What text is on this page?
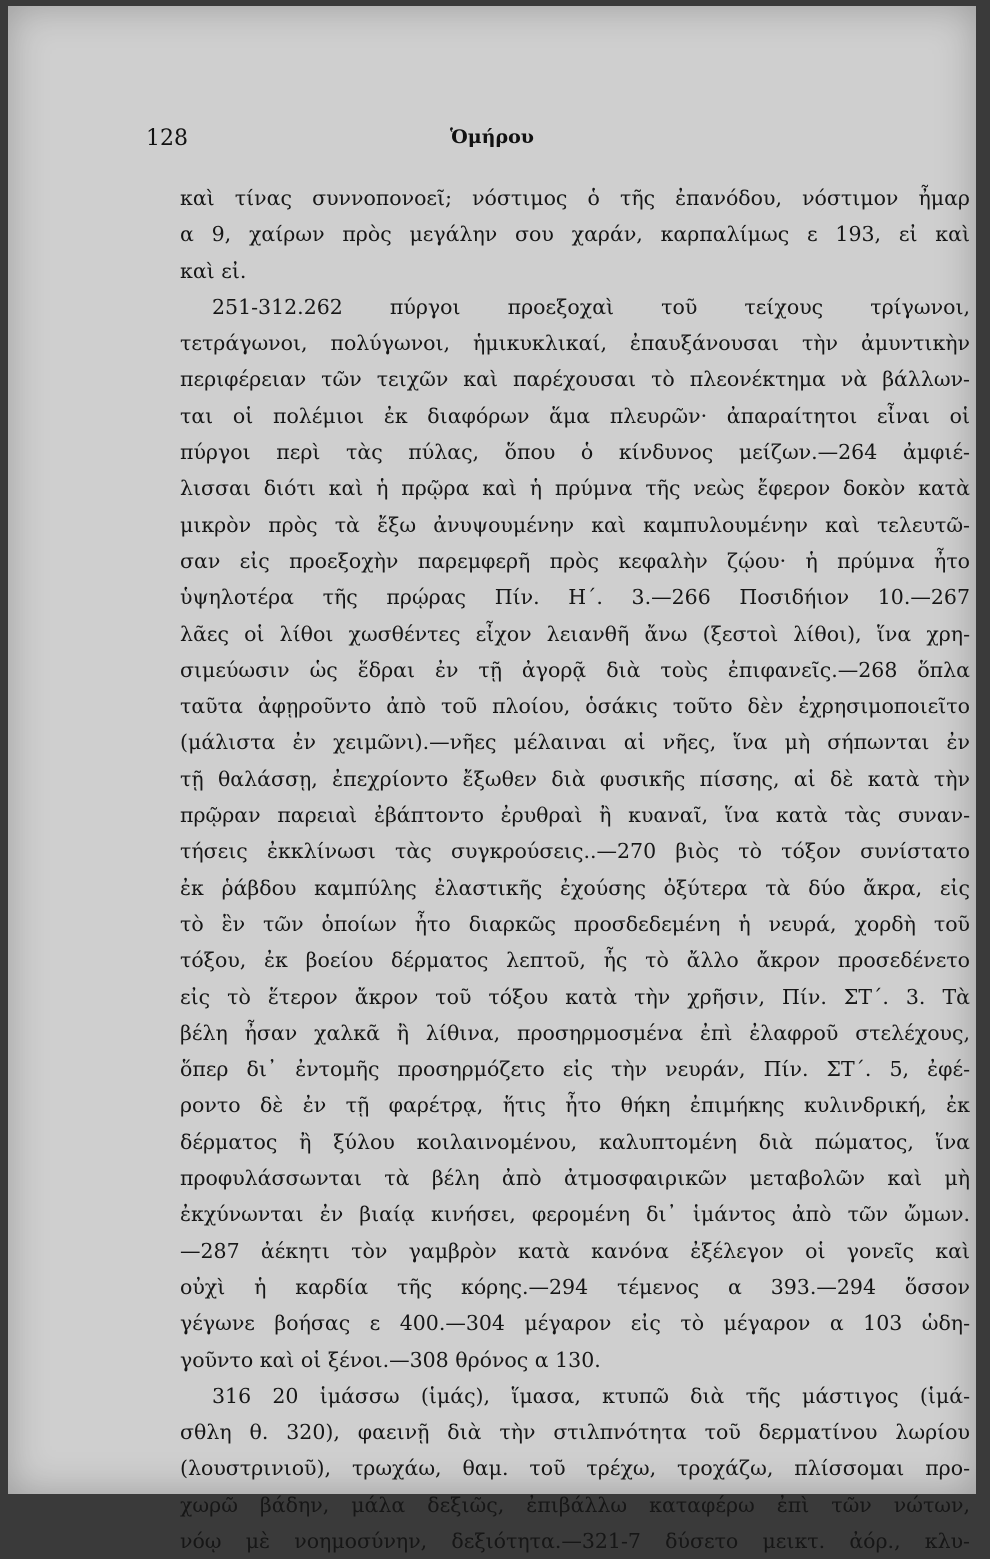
128	Ὁμήρου
καὶ τίνας συννοπονοεῖ; νόστιμος ὁ τῆς ἐπανόδου, νόστιμον ἦμαρ
α 9, χαίρων πρὸς μεγάλην σου χαράν, καρπαλίμως ε 193, εἰ καὶ
καὶ εἰ.
251-312.262 πύργοι προεξοχαὶ τοῦ τείχους τρίγωνοι,
τετράγωνοι, πολύγωνοι, ἡμικυκλικαί, ἐπαυξάνουσαι τὴν ἀμυντικὴν
περιφέρειαν τῶν τειχῶν καὶ παρέχουσαι τὸ πλεονέκτημα νὰ βάλλων-
ται οἱ πολέμιοι ἐκ διαφόρων ἅμα πλευρῶν· ἀπαραίτητοι εἶναι οἱ
πύργοι περὶ τὰς πύλας, ὅπου ὁ κίνδυνος μείζων.—264 ἀμφιέ-
λισσαι διότι καὶ ἡ πρῷρα καὶ ἡ πρύμνα τῆς νεὼς ἔφερον δοκὸν κατὰ
μικρὸν πρὸς τὰ ἔξω ἀνυψουμένην καὶ καμπυλουμένην καὶ τελευτῶ-
σαν εἰς προεξοχὴν παρεμφερῆ πρὸς κεφαλὴν ζῴου· ἡ πρύμνα ἦτο
ὑψηλοτέρα τῆς πρῴρας Πίν. Η΄. 3.—266 Ποσιδήιον 10.—267
λᾶες οἱ λίθοι χωσθέντες εἶχον λειανθῆ ἄνω (ξεστοὶ λίθοι), ἵνα χρη-
σιμεύωσιν ὡς ἕδραι ἐν τῇ ἀγορᾷ διὰ τοὺς ἐπιφανεῖς.—268 ὅπλα
ταῦτα ἀφῃροῦντο ἀπὸ τοῦ πλοίου, ὁσάκις τοῦτο δὲν ἐχρησιμοποιεῖτο
(μάλιστα ἐν χειμῶνι).—νῆες μέλαιναι αἱ νῆες, ἵνα μὴ σήπωνται ἐν
τῇ θαλάσσῃ, ἐπεχρίοντο ἔξωθεν διὰ φυσικῆς πίσσης, αἱ δὲ κατὰ τὴν
πρῷραν παρειαὶ ἐβάπτοντο ἐρυθραὶ ἢ κυαναῖ, ἵνα κατὰ τὰς συναν-
τήσεις ἐκκλίνωσι τὰς συγκρούσεις..—270 βιὸς τὸ τόξον συνίστατο
ἐκ ῥάβδου καμπύλης ἐλαστικῆς ἐχούσης ὀξύτερα τὰ δύο ἄκρα, εἰς
τὸ ἓν τῶν ὁποίων ἦτο διαρκῶς προσδεδεμένη ἡ νευρά, χορδὴ τοῦ
τόξου, ἐκ βοείου δέρματος λεπτοῦ, ἧς τὸ ἄλλο ἄκρον προσεδένετο
εἰς τὸ ἕτερον ἄκρον τοῦ τόξου κατὰ τὴν χρῆσιν, Πίν. ΣΤ΄. 3. Τὰ
βέλη ἦσαν χαλκᾶ ἢ λίθινα, προσηρμοσμένα ἐπὶ ἐλαφροῦ στελέχους,
ὅπερ δι᾽ ἐντομῆς προσηρμόζετο εἰς τὴν νευράν, Πίν. ΣΤ΄. 5, ἐφέ-
ροντο δὲ ἐν τῇ φαρέτρᾳ, ἥτις ἦτο θήκη ἐπιμήκης κυλινδρική, ἐκ
δέρματος ἢ ξύλου κοιλαινομένου, καλυπτομένη διὰ πώματος, ἵνα
προφυλάσσωνται τὰ βέλη ἀπὸ ἀτμοσφαιρικῶν μεταβολῶν καὶ μὴ
ἐκχύνωνται ἐν βιαίᾳ κινήσει, φερομένη δι᾽ ἱμάντος ἀπὸ τῶν ὤμων.
—287 ἀέκητι τὸν γαμβρὸν κατὰ κανόνα ἐξέλεγον οἱ γονεῖς καὶ
οὐχὶ ἡ καρδία τῆς κόρης.—294 τέμενος α 393.—294 ὅσσον
γέγωνε βοήσας ε 400.—304 μέγαρον εἰς τὸ μέγαρον α 103 ὡδη-
γοῦντο καὶ οἱ ξένοι.—308 θρόνος α 130.
316 20 ἱμάσσω (ἱμάς), ἵμασα, κτυπῶ διὰ τῆς μάστιγος (ἱμά-
σθλη θ. 320), φαεινῇ διὰ τὴν στιλπνότητα τοῦ δερματίνου λωρίου
(λουστρινιοῦ), τρωχάω, θαμ. τοῦ τρέχω, τροχάζω, πλίσσομαι προ-
χωρῶ βάδην, μάλα δεξιῶς, ἐπιβάλλω καταφέρω ἐπὶ τῶν νώτων,
νόῳ μὲ νοημοσύνην, δεξιότητα.—321-7 δύσετο μεικτ. ἀόρ., κλυ-
